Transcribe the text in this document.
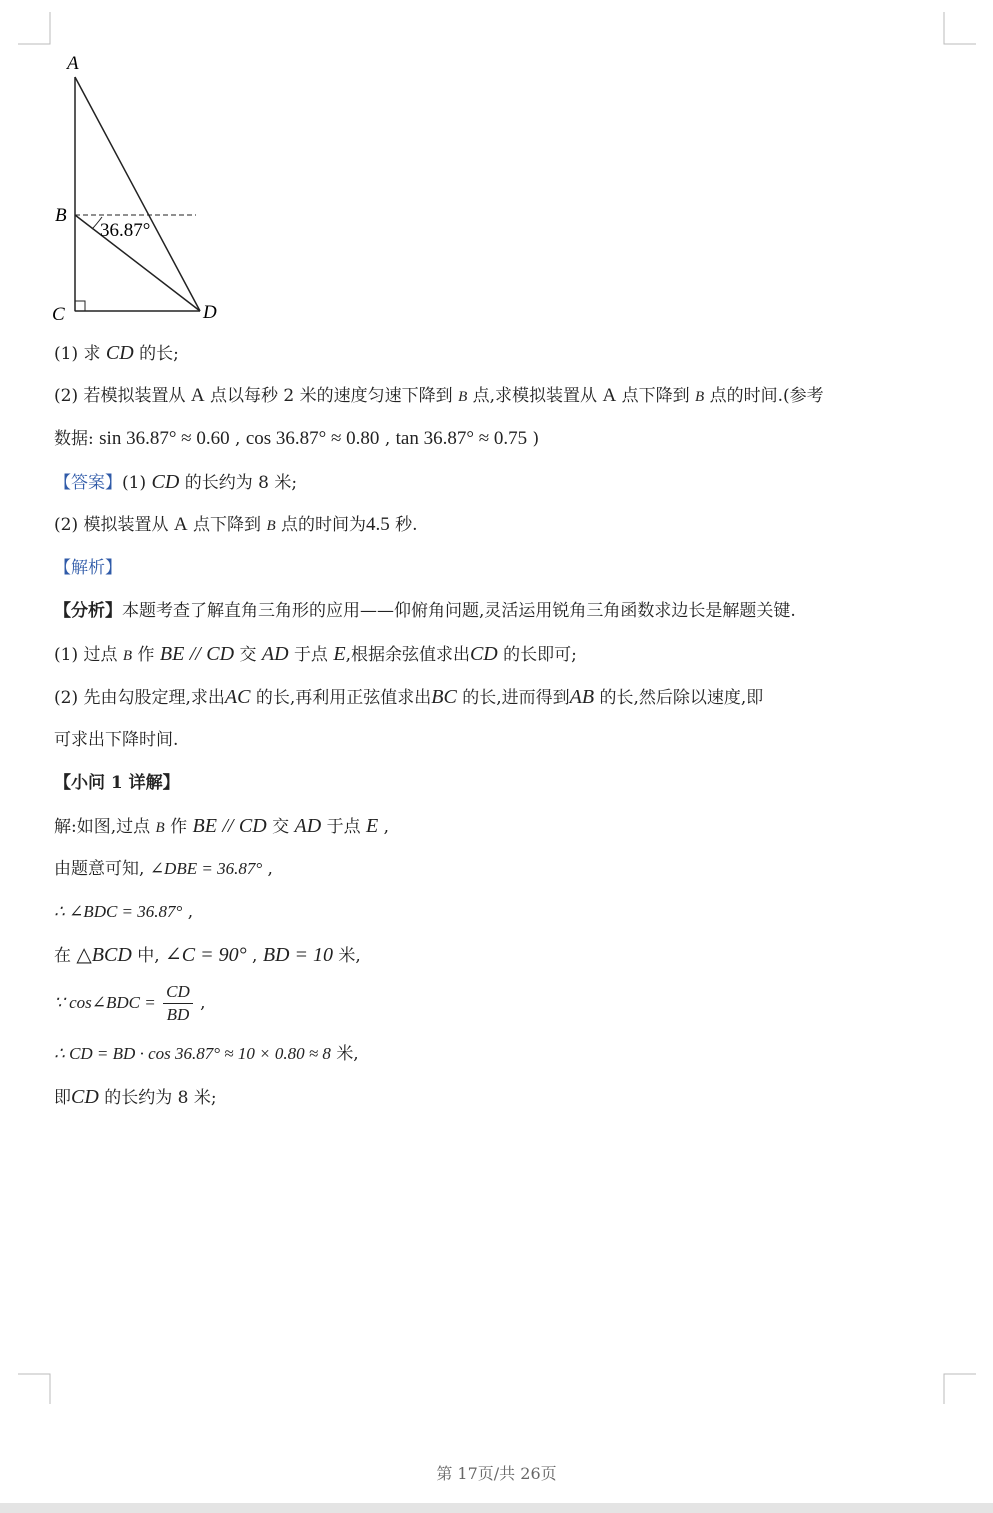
A
B
C	D
36.87°
(1) 求 CD 的长;
(2) 若模拟装置从 A 点以每秒 2 米的速度匀速下降到 B 点,求模拟装置从 A 点下降到 B 点的时间.(参考
数据: sin 36.87° ≈ 0.60 , cos 36.87° ≈ 0.80 , tan 36.87° ≈ 0.75 )
【答案】(1) CD 的长约为 8 米;
(2) 模拟装置从 A 点下降到 B 点的时间为4.5 秒.
【解析】
【分析】本题考查了解直角三角形的应用——仰俯角问题,灵活运用锐角三角函数求边长是解题关键.
(1) 过点 B 作 BE // CD 交 AD 于点 E,根据余弦值求出CD 的长即可;
(2) 先由勾股定理,求出AC 的长,再利用正弦值求出BC 的长,进而得到AB 的长,然后除以速度,即
可求出下降时间.
【小问 1 详解】
解:如图,过点 B 作 BE // CD 交 AD 于点 E ,
由题意可知, ∠DBE = 36.87° ,
∴ ∠BDC = 36.87° ,
在 △BCD 中, ∠C = 90° , BD = 10 米,
∵ cos∠BDC = $\frac{CD}{BD}$ ,
∴ CD = BD · cos 36.87° ≈ 10 × 0.80 ≈ 8 米,
即CD 的长约为 8 米;
第 17页/共 26页
